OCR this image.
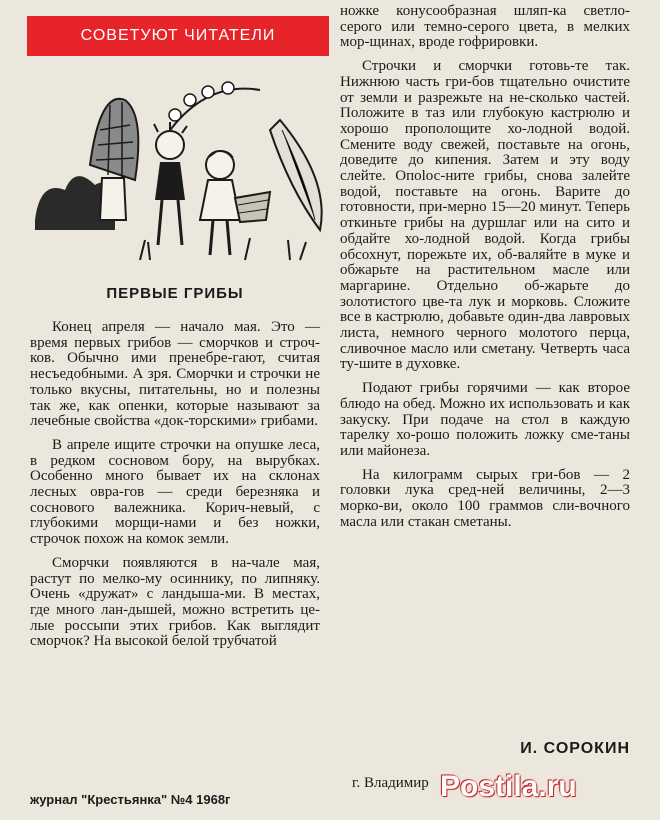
СОВЕТУЮТ ЧИТАТЕЛИ
ПЕРВЫЕ ГРИБЫ

Конец апреля — начало мая. Это — время первых грибов — сморчков и строч-ков. Обычно ими пренебре-гают, считая несъедобными. А зря. Сморчки и строчки не только вкусны, питательны, но и полезны так же, как опенки, которые называют за лечебные свойства «док-торскими» грибами.

В апреле ищите строчки на опушке леса, в редком сосновом бору, на вырубках. Особенно много бывает их на склонах лесных овра-гов — среди березняка и соснового валежника. Корич-невый, с глубокими морщи-нами и без ножки, строчок похож на комок земли.

Сморчки появляются в на-чале мая, растут по мелко-му осиннику, по липняку. Очень «дружат» с ландыша-ми. В местах, где много лан-дышей, можно встретить це-лые россыпи этих грибов. Как выглядит сморчок? На высокой белой трубчатой

ножке конусообразная шляп-ка светло-серого или темно-серого цвета, в мелких мор-щинах, вроде гофрировки.

Строчки и сморчки готовь-те так. Нижнюю часть гри-бов тщательно очистите от земли и разрежьте на не-сколько частей. Положите в таз или глубокую кастрюлю и хорошо прополощите хо-лодной водой. Смените воду свежей, поставьте на огонь, доведите до кипения. Затем и эту воду слейте. Опolос-ните грибы, снова залейте водой, поставьте на огонь. Варите до готовности, при-мерно 15—20 минут. Теперь откиньте грибы на дуршлаг или на сито и обдайте хо-лодной водой. Когда грибы обсохнут, порежьте их, об-валяйте в муке и обжарьте на растительном масле или маргарине. Отдельно об-жарьте до золотистого цве-та лук и морковь. Сложите все в кастрюлю, добавьте один-два лавровых листа, немного черного молотого перца, сливочное масло или сметану. Четверть часа ту-шите в духовке.

Подают грибы горячими — как второе блюдо на обед. Можно их использовать и как закуску. При подаче на стол в каждую тарелку хо-рошо положить ложку сме-таны или майонеза.

На килограмм сырых гри-бов — 2 головки лука сред-ней величины, 2—3 морко-ви, около 100 граммов сли-вочного масла или стакан сметаны.

И. СОРОКИН
г. Владимир
журнал "Крестьянка" №4 1968г	Postila.ru
